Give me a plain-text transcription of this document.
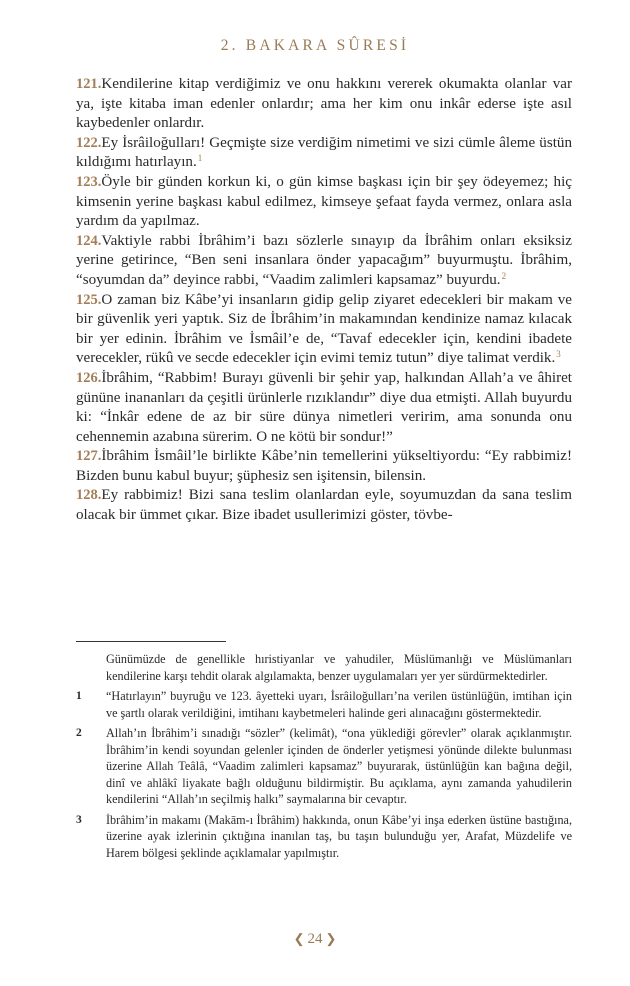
2. BAKARA SÛRESİ

121.Kendilerine kitap verdiğimiz ve onu hakkını vererek okumakta olanlar var ya, işte kitaba iman edenler onlardır; ama her kim onu inkâr ederse işte asıl kaybedenler onlardır.

122.Ey İsrâiloğulları! Geçmişte size verdiğim nimetimi ve sizi cümle âleme üstün kıldığımı hatırlayın.$^1$

123.Öyle bir günden korkun ki, o gün kimse başkası için bir şey ödeyemez; hiç kimsenin yerine başkası kabul edilmez, kimseye şefaat fayda vermez, onlara asla yardım da yapılmaz.

124.Vaktiyle rabbi İbrâhim’i bazı sözlerle sınayıp da İbrâhim onları eksiksiz yerine getirince, “Ben seni insanlara önder yapacağım” buyurmuştu. İbrâhim, “soyumdan da” deyince rabbi, “Vaadim zalimleri kapsamaz” buyurdu.$^2$

125.O zaman biz Kâbe’yi insanların gidip gelip ziyaret edecekleri bir makam ve bir güvenlik yeri yaptık. Siz de İbrâhim’in makamından kendinize namaz kılacak bir yer edinin. İbrâhim ve İsmâil’e de, “Tavaf edecekler için, kendini ibadete verecekler, rükû ve secde edecekler için evimi temiz tutun” diye talimat verdik.$^3$

126.İbrâhim, “Rabbim! Burayı güvenli bir şehir yap, halkından Allah’a ve âhiret gününe inananları da çeşitli ürünlerle rızıklandır” diye dua etmişti. Allah buyurdu ki: “İnkâr edene de az bir süre dünya nimetleri veririm, ama sonunda onu cehennemin azabına sürerim. O ne kötü bir sondur!”

127.İbrâhim İsmâil’le birlikte Kâbe’nin temellerini yükseltiyordu: “Ey rabbimiz! Bizden bunu kabul buyur; şüphesiz sen işitensin, bilensin.

128.Ey rabbimiz! Bizi sana teslim olanlardan eyle, soyumuzdan da sana teslim olacak bir ümmet çıkar. Bize ibadet usullerimizi göster, tövbe-

Günümüzde de genellikle hıristiyanlar ve yahudiler, Müslümanlığı ve Müslümanları kendilerine karşı tehdit olarak algılamakta, benzer uygulamaları yer yer sürdürmektedirler.
1	“Hatırlayın” buyruğu ve 123. âyetteki uyarı, İsrâiloğulları’na verilen üstünlüğün, imtihan için ve şartlı olarak verildiğini, imtihanı kaybetmeleri halinde geri alınacağını göstermektedir.
2	Allah’ın İbrâhim’i sınadığı “sözler” (kelimât), “ona yüklediği görevler” olarak açıklanmıştır. İbrâhim’in kendi soyundan gelenler içinden de önderler yetişmesi yönünde dilekte bulunması üzerine Allah Teâlâ, “Vaadim zalimleri kapsamaz” buyurarak, üstünlüğün kan bağına değil, dinî ve ahlâkî liyakate bağlı olduğunu bildirmiştir. Bu açıklama, aynı zamanda yahudilerin kendilerini “Allah’ın seçilmiş halkı” saymalarına bir cevaptır.
3	İbrâhim’in makamı (Makām-ı İbrâhim) hakkında, onun Kâbe’yi inşa ederken üstüne bastığına, üzerine ayak izlerinin çıktığına inanılan taş, bu taşın bulunduğu yer, Arafat, Müzdelife ve Harem bölgesi şeklinde açıklamalar yapılmıştır.
❮ 24 ❯
